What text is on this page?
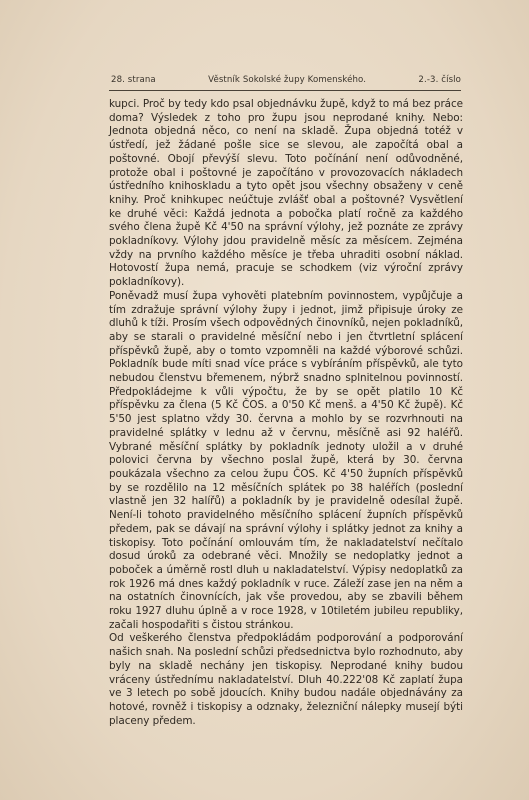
28. strana	Věstník Sokolské župy Komenského.	2.-3. číslo

kupci. Proč by tedy kdo psal objednávku župě, když to má bez práce doma? Výsledek z toho pro župu jsou neprodané knihy. Nebo: Jednota objedná něco, co není na skladě. Župa objedná totéž v ústředí, jež žádané pošle sice se slevou, ale započítá obal a poštovné. Obojí převýší slevu. Toto počínání není odůvodněné, protože obal i poštovné je započítáno v provozovacích nákladech ústředního knihoskladu a tyto opět jsou všechny obsaženy v ceně knihy. Proč knihkupec neúčtuje zvlášť obal a poštovné? Vysvětlení ke druhé věci: Každá jednota a pobočka platí ročně za každého svého člena župě Kč 4'50 na správní výlohy, jež poznáte ze zprávy pokladníkovy. Výlohy jdou pravidelně měsíc za měsícem. Zejména vždy na prvního každého měsíce je třeba uhraditi osobní náklad. Hotovostí župa nemá, pracuje se schodkem (viz výroční zprávy pokladníkovy).

Poněvadž musí župa vyhověti platebním povinnostem, vypůjčuje a tím zdražuje správní výlohy župy i jednot, jimž připisuje úroky ze dluhů k tíži. Prosím všech odpovědných činovníků, nejen pokladníků, aby se starali o pravidelné měsíční nebo i jen čtvrtletní splácení příspěvků župě, aby o tomto vzpomněli na každé výborové schůzi. Pokladník bude míti snad více práce s vybíráním příspěvků, ale tyto nebudou členstvu břemenem, nýbrž snadno splnitelnou povinností. Předpokládejme k vůli výpočtu, že by se opět platilo 10 Kč příspěvku za člena (5 Kč ČOS. a 0'50 Kč menš. a 4'50 Kč župě). Kč 5'50 jest splatno vždy 30. června a mohlo by se rozvrhnouti na pravidelné splátky v lednu až v červnu, měsíčně asi 92 haléřů. Vybrané měsíční splátky by pokladník jednoty uložil a v druhé polovici června by všechno poslal župě, která by 30. června poukázala všechno za celou župu ČOS. Kč 4'50 župních příspěvků by se rozdělilo na 12 měsíčních splátek po 38 haléřích (poslední vlastně jen 32 halířů) a pokladník by je pravidelně odesílal župě. Není-li tohoto pravidelného měsíčního splácení župních příspěvků předem, pak se dávají na správní výlohy i splátky jednot za knihy a tiskopisy. Toto počínání omlouvám tím, že nakladatelství nečítalo dosud úroků za odebrané věci. Množily se nedoplatky jednot a poboček a úměrně rostl dluh u nakladatelství. Výpisy nedoplatků za rok 1926 má dnes každý pokladník v ruce. Záleží zase jen na něm a na ostatních činovnících, jak vše provedou, aby se zbavili během roku 1927 dluhu úplně a v roce 1928, v 10tiletém jubileu republiky, začali hospodařiti s čistou stránkou.

Od veškerého členstva předpokládám podporování a podporování našich snah. Na poslední schůzi předsednictva bylo rozhodnuto, aby byly na skladě nechány jen tiskopisy. Neprodané knihy budou vráceny ústřednímu nakladatelství. Dluh 40.222'08 Kč zaplatí župa ve 3 letech po sobě jdoucích. Knihy budou nadále objednávány za hotové, rovněž i tiskopisy a odznaky, železniční nálepky musejí býti placeny předem.
